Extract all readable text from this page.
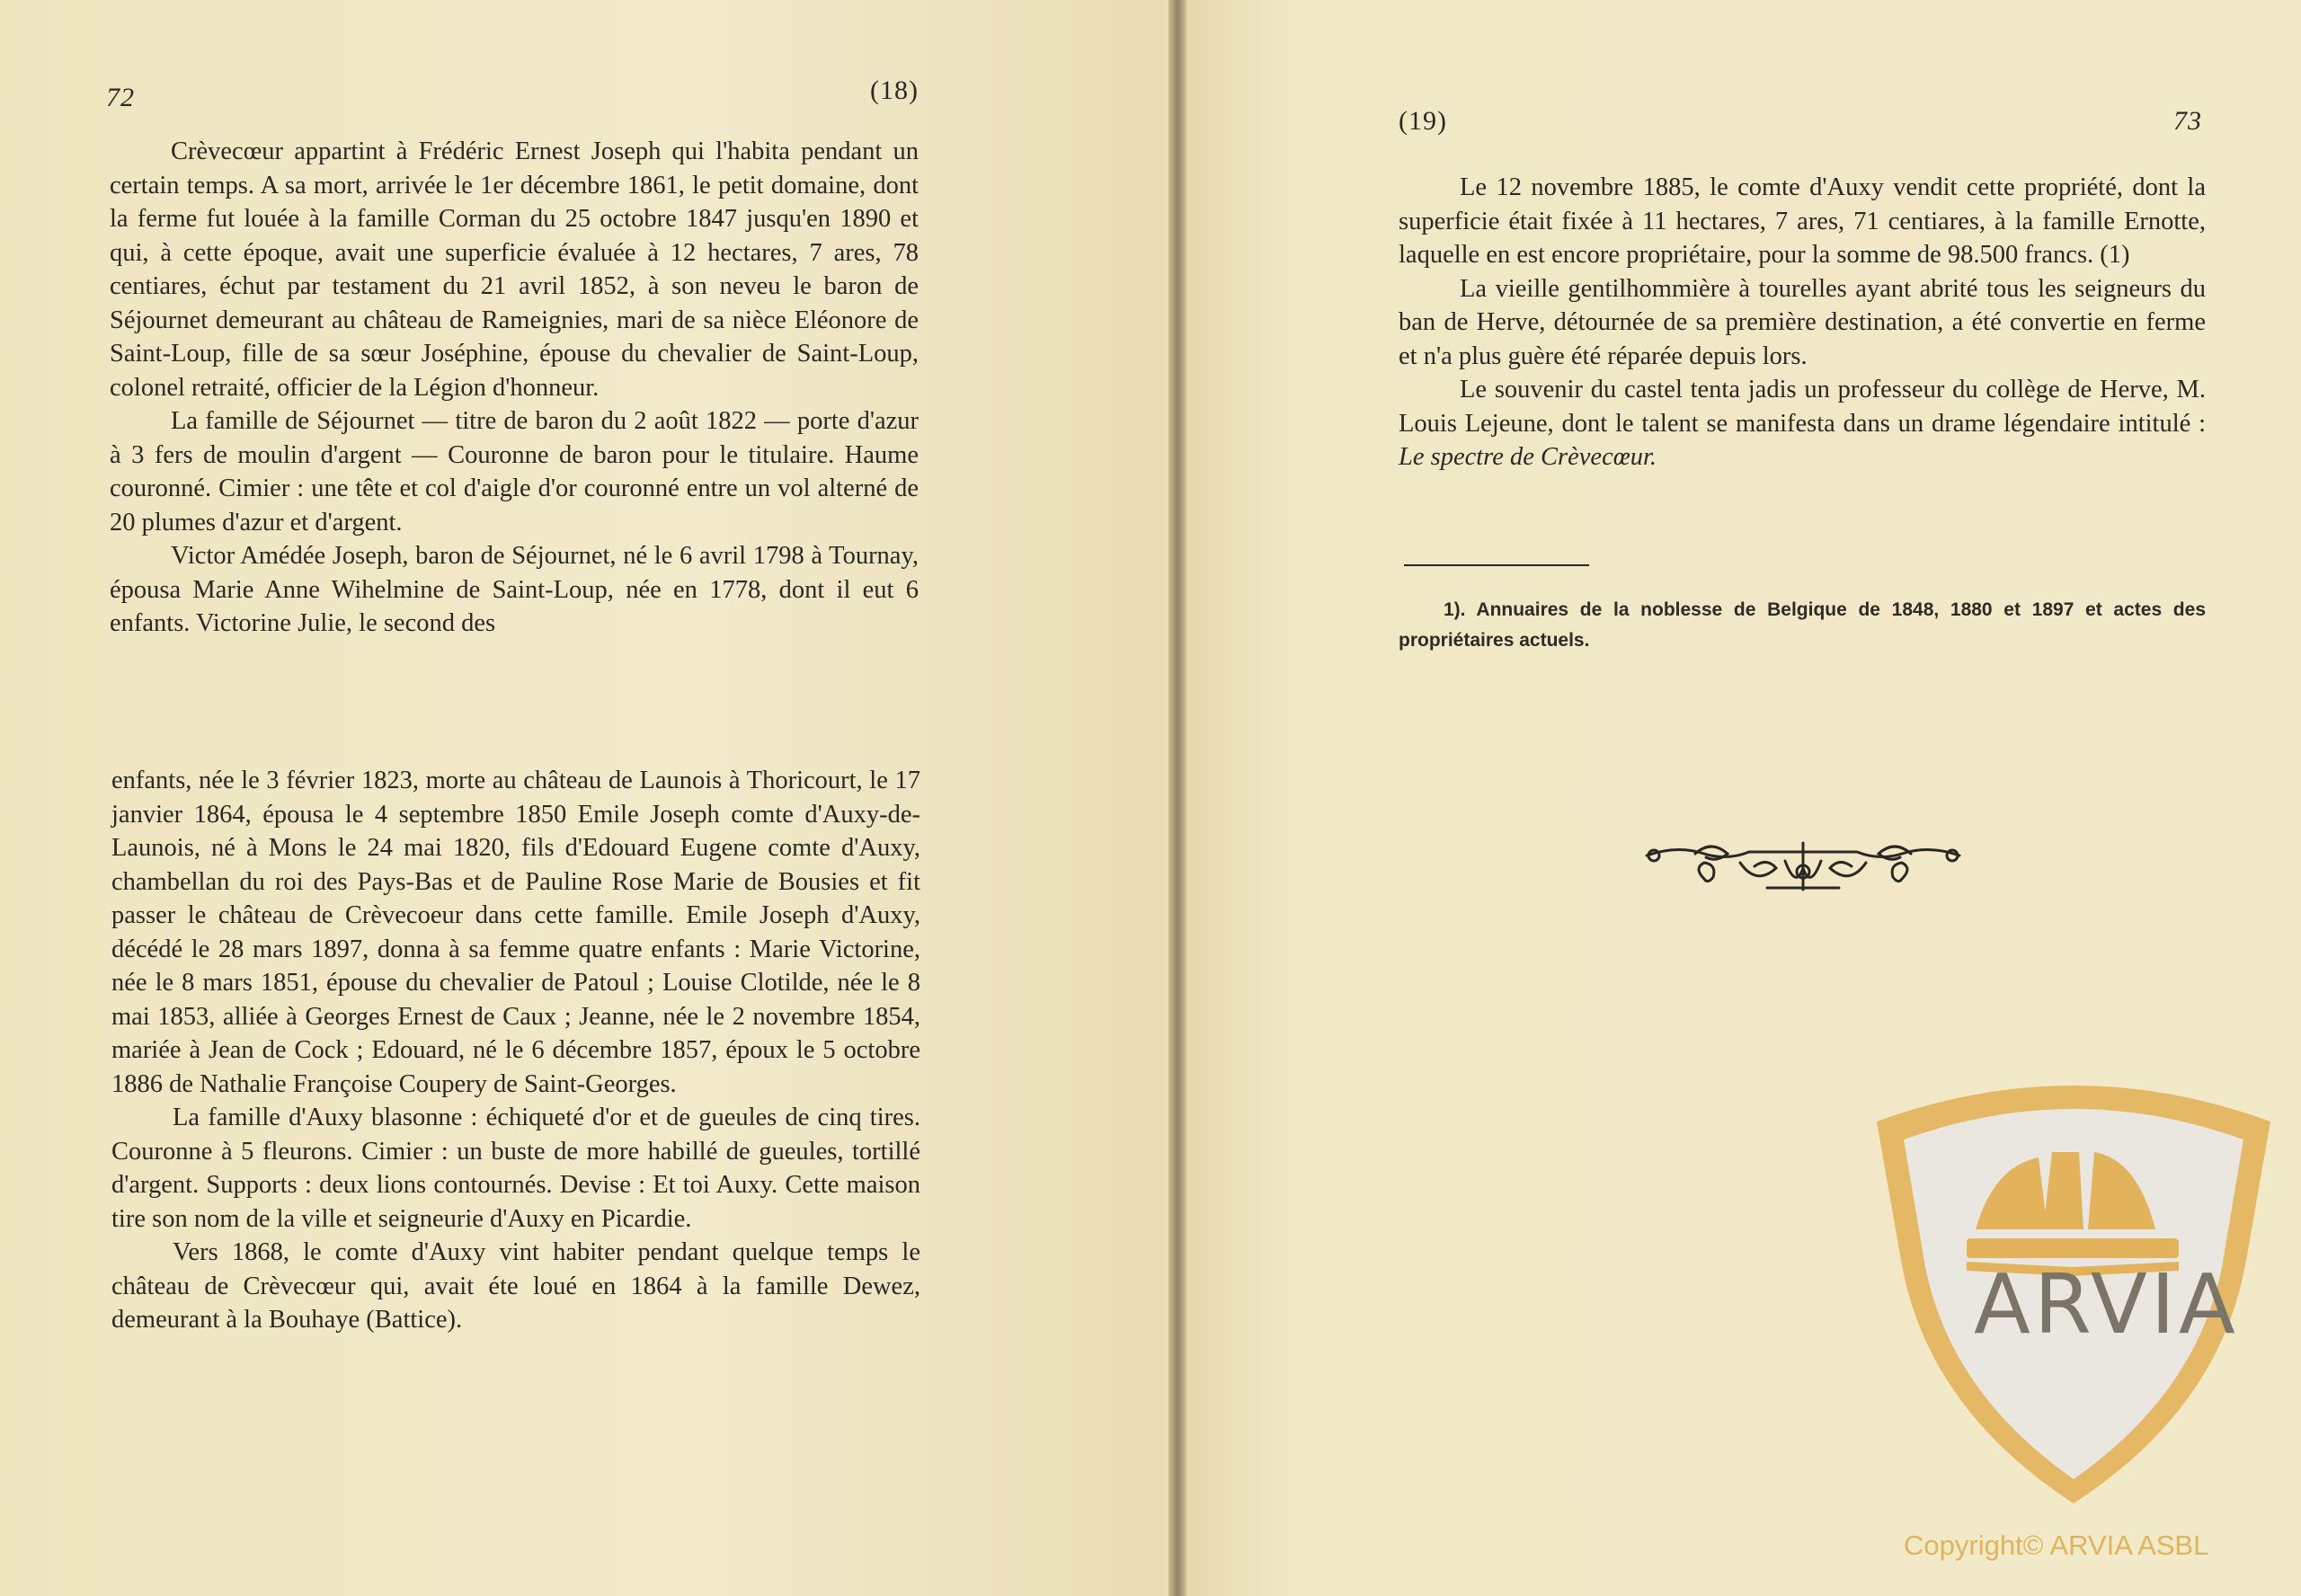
72	(18)

Crèvecœur appartint à Frédéric Ernest Joseph qui l'habita pendant un certain temps. A sa mort, arrivée le 1er décembre 1861, le petit domaine, dont la ferme fut louée à la famille Corman du 25 octobre 1847 jusqu'en 1890 et qui, à cette époque, avait une superficie évaluée à 12 hectares, 7 ares, 78 centiares, échut par testament du 21 avril 1852, à son neveu le baron de Séjournet demeurant au château de Rameignies, mari de sa nièce Eléonore de Saint-Loup, fille de sa sœur Joséphine, épouse du chevalier de Saint-Loup, colonel retraité, officier de la Légion d'honneur.

La famille de Séjournet — titre de baron du 2 août 1822 — porte d'azur à 3 fers de moulin d'argent — Couronne de baron pour le titulaire. Haume couronné. Cimier : une tête et col d'aigle d'or couronné entre un vol alterné de 20 plumes d'azur et d'argent.

Victor Amédée Joseph, baron de Séjournet, né le 6 avril 1798 à Tournay, épousa Marie Anne Wihelmine de Saint-Loup, née en 1778, dont il eut 6 enfants. Victorine Julie, le second des

enfants, née le 3 février 1823, morte au château de Launois à Thoricourt, le 17 janvier 1864, épousa le 4 septembre 1850 Emile Joseph comte d'Auxy-de-Launois, né à Mons le 24 mai 1820, fils d'Edouard Eugene comte d'Auxy, chambellan du roi des Pays-Bas et de Pauline Rose Marie de Bousies et fit passer le château de Crèvecoeur dans cette famille. Emile Joseph d'Auxy, décédé le 28 mars 1897, donna à sa femme quatre enfants : Marie Victorine, née le 8 mars 1851, épouse du chevalier de Patoul ; Louise Clotilde, née le 8 mai 1853, alliée à Georges Ernest de Caux ; Jeanne, née le 2 novembre 1854, mariée à Jean de Cock ; Edouard, né le 6 décembre 1857, époux le 5 octobre 1886 de Nathalie Françoise Coupery de Saint-Georges.

La famille d'Auxy blasonne : échiqueté d'or et de gueules de cinq tires. Couronne à 5 fleurons. Cimier : un buste de more habillé de gueules, tortillé d'argent. Supports : deux lions contournés. Devise : Et toi Auxy. Cette maison tire son nom de la ville et seigneurie d'Auxy en Picardie.

Vers 1868, le comte d'Auxy vint habiter pendant quelque temps le château de Crèvecœur qui, avait éte loué en 1864 à la famille Dewez, demeurant à la Bouhaye (Battice).

(19)	73

Le 12 novembre 1885, le comte d'Auxy vendit cette propriété, dont la superficie était fixée à 11 hectares, 7 ares, 71 centiares, à la famille Ernotte, laquelle en est encore propriétaire, pour la somme de 98.500 francs. (1)

La vieille gentilhommière à tourelles ayant abrité tous les seigneurs du ban de Herve, détournée de sa première destination, a été convertie en ferme et n'a plus guère été réparée depuis lors.

Le souvenir du castel tenta jadis un professeur du collège de Herve, M. Louis Lejeune, dont le talent se manifesta dans un drame légendaire intitulé : Le spectre de Crèvecœur.

1). Annuaires de la noblesse de Belgique de 1848, 1880 et 1897 et actes des propriétaires actuels.
ARVIA
Copyright© ARVIA ASBL
